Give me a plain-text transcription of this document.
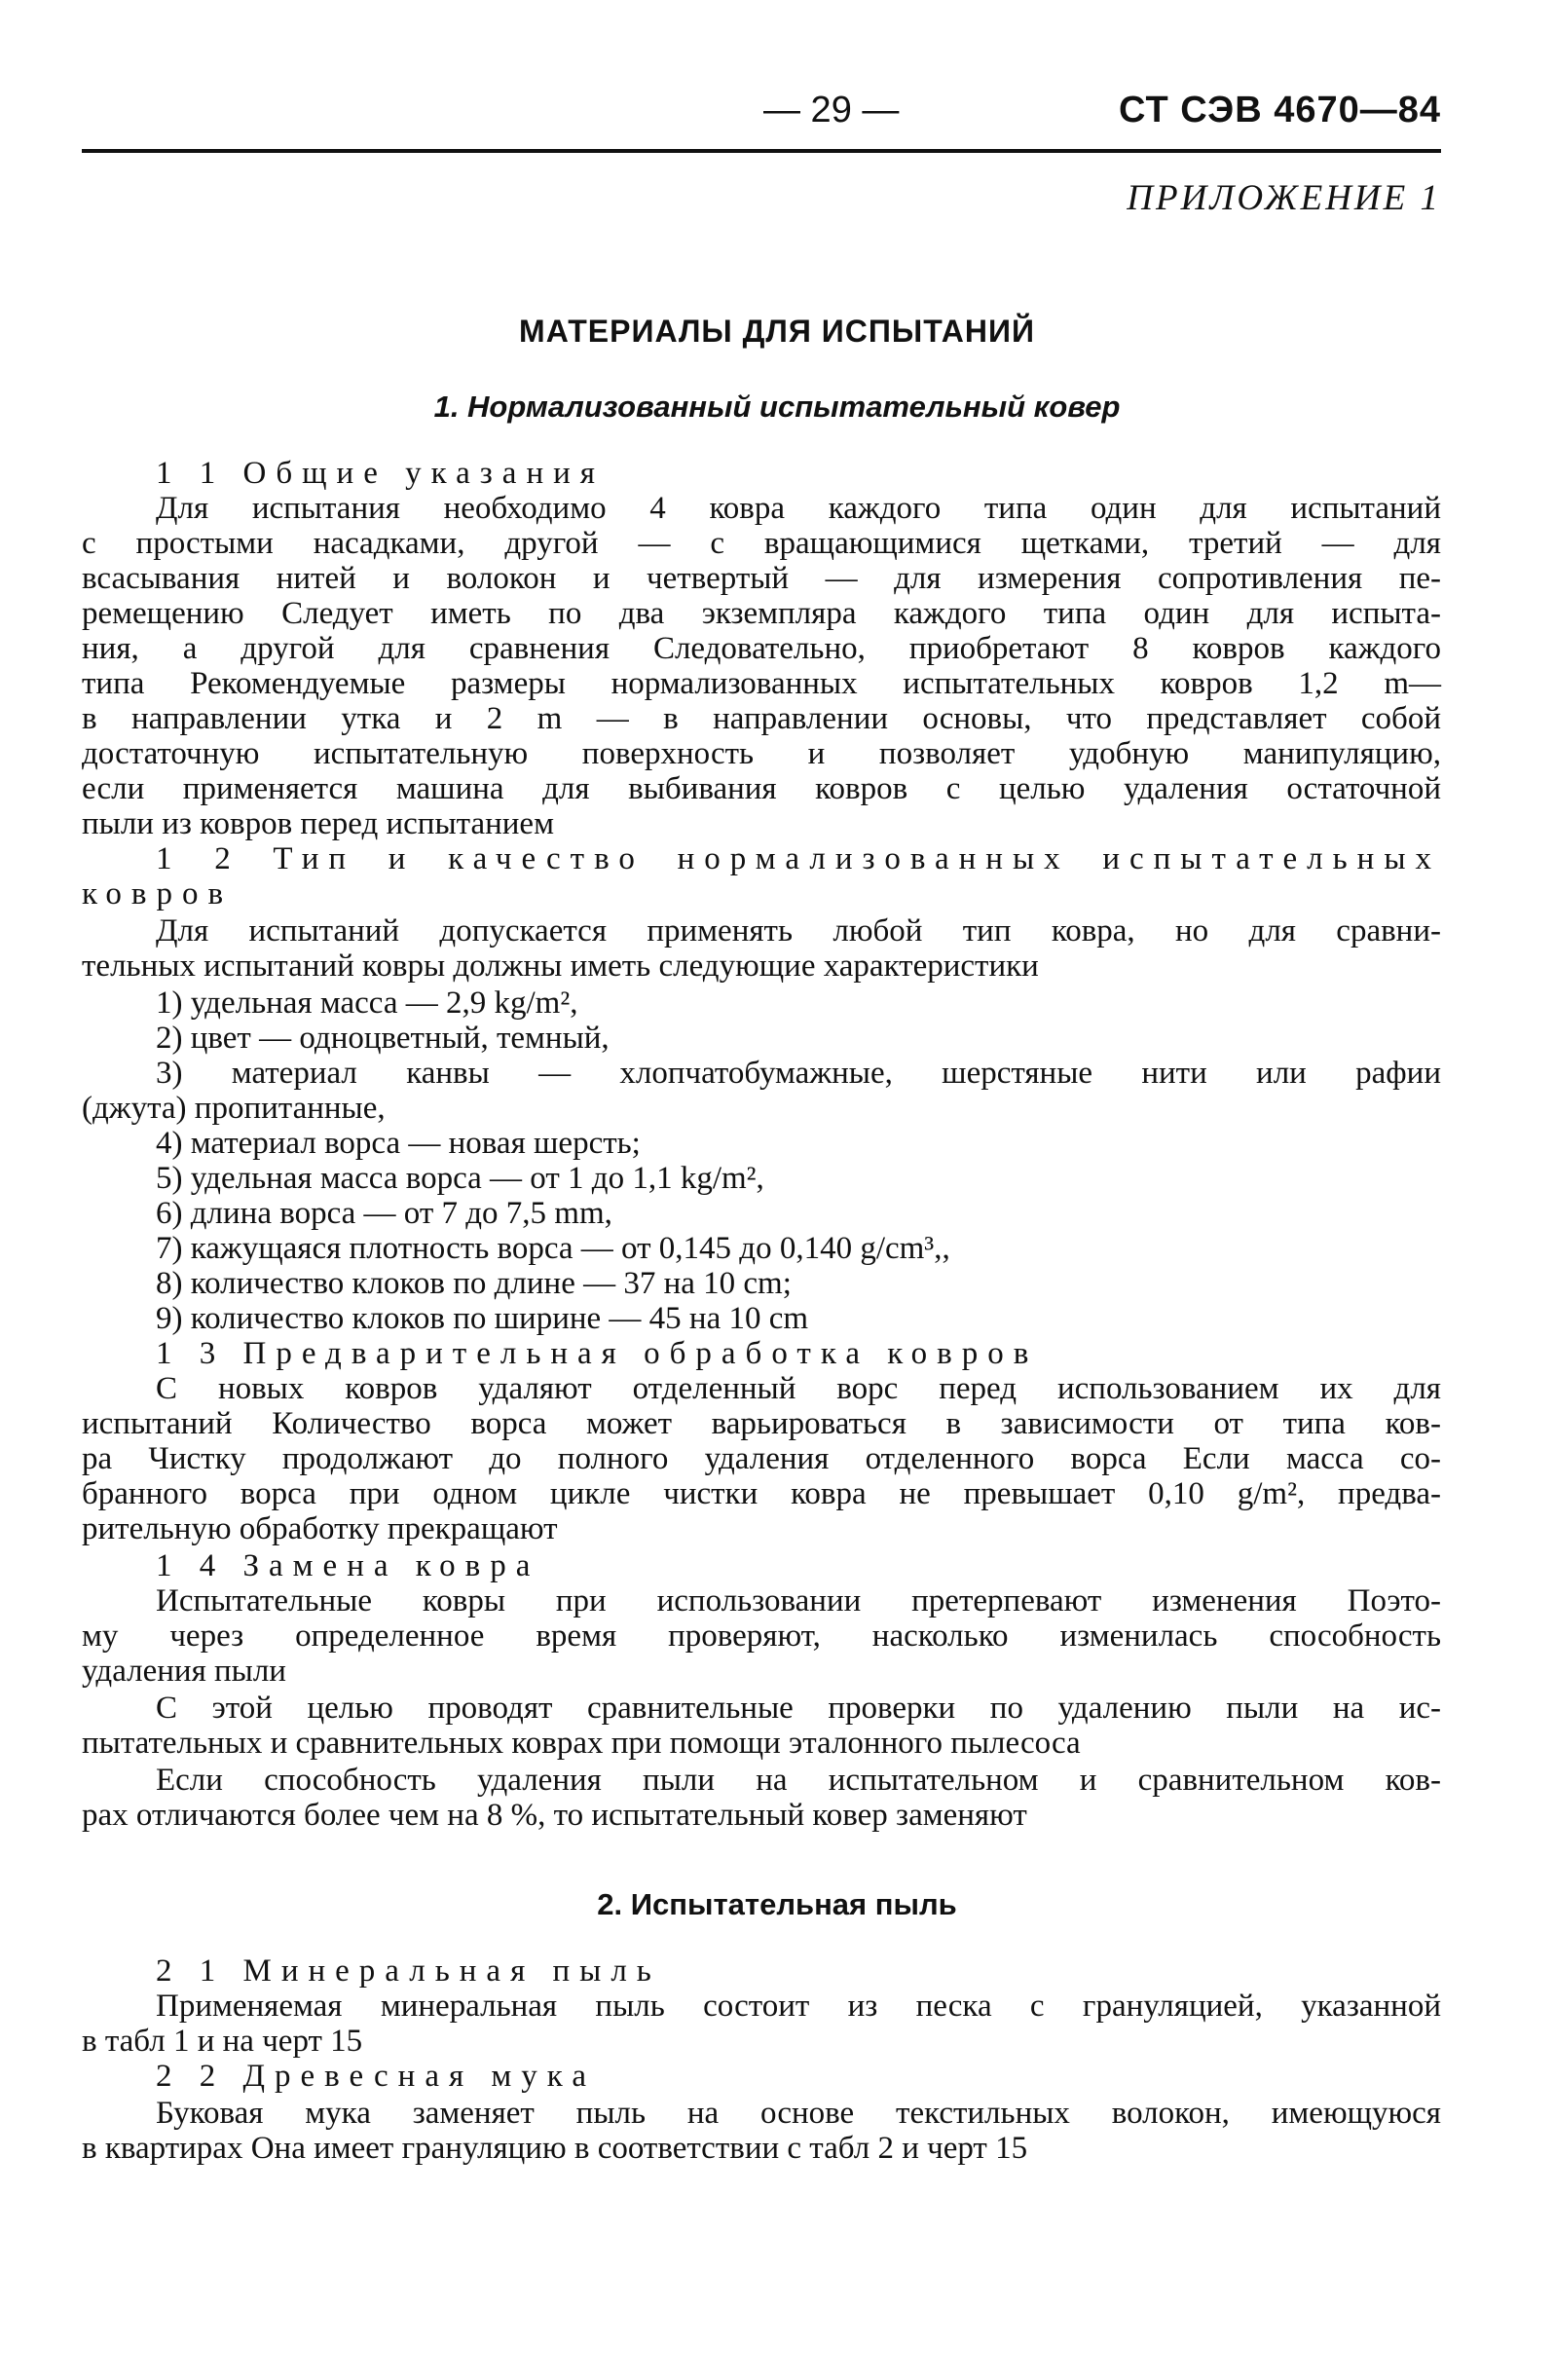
— 29 —	СТ СЭВ 4670—84
ПРИЛОЖЕНИЕ 1
МАТЕРИАЛЫ ДЛЯ ИСПЫТАНИЙ
1. Нормализованный испытательный ковер
1 1 Общие указания
Для испытания необходимо 4 ковра каждого типа один для испытаний
с простыми насадками, другой — с вращающимися щетками, третий — для
всасывания нитей и волокон и четвертый — для измерения сопротивления пе-
ремещению Следует иметь по два экземпляра каждого типа один для испыта-
ния, а другой для сравнения Следовательно, приобретают 8 ковров каждого
типа Рекомендуемые размеры нормализованных испытательных ковров 1,2 m—
в направлении утка и 2 m — в направлении основы, что представляет собой
достаточную испытательную поверхность и позволяет удобную манипуляцию,
если применяется машина для выбивания ковров с целью удаления остаточной
пыли из ковров перед испытанием
1 2 Тип и качество нормализованных испытательных
ковров
Для испытаний допускается применять любой тип ковра, но для сравни-
тельных испытаний ковры должны иметь следующие характеристики
1) удельная масса — 2,9 kg/m²,
2) цвет — одноцветный, темный,
3) материал канвы — хлопчатобумажные, шерстяные нити или рафии
(джута) пропитанные,
4) материал ворса — новая шерсть;
5) удельная масса ворса — от 1 до 1,1 kg/m²,
6) длина ворса — от 7 до 7,5 mm,
7) кажущаяся плотность ворса — от 0,145 до 0,140 g/cm³,,
8) количество клоков по длине — 37 на 10 cm;
9) количество клоков по ширине — 45 на 10 cm
1 3 Предварительная обработка ковров
С новых ковров удаляют отделенный ворс перед использованием их для
испытаний Количество ворса может варьироваться в зависимости от типа ков-
ра Чистку продолжают до полного удаления отделенного ворса Если масса со-
бранного ворса при одном цикле чистки ковра не превышает 0,10 g/m², предва-
рительную обработку прекращают
1 4 Замена ковра
Испытательные ковры при использовании претерпевают изменения Поэто-
му через определенное время проверяют, насколько изменилась способность
удаления пыли
С этой целью проводят сравнительные проверки по удалению пыли на ис-
пытательных и сравнительных коврах при помощи эталонного пылесоса
Если способность удаления пыли на испытательном и сравнительном ков-
рах отличаются более чем на 8 %, то испытательный ковер заменяют
2. Испытательная пыль
2 1 Минеральная пыль
Применяемая минеральная пыль состоит из песка с грануляцией, указанной
в табл 1 и на черт 15
2 2 Древесная мука
Буковая мука заменяет пыль на основе текстильных волокон, имеющуюся
в квартирах Она имеет грануляцию в соответствии с табл 2 и черт 15
